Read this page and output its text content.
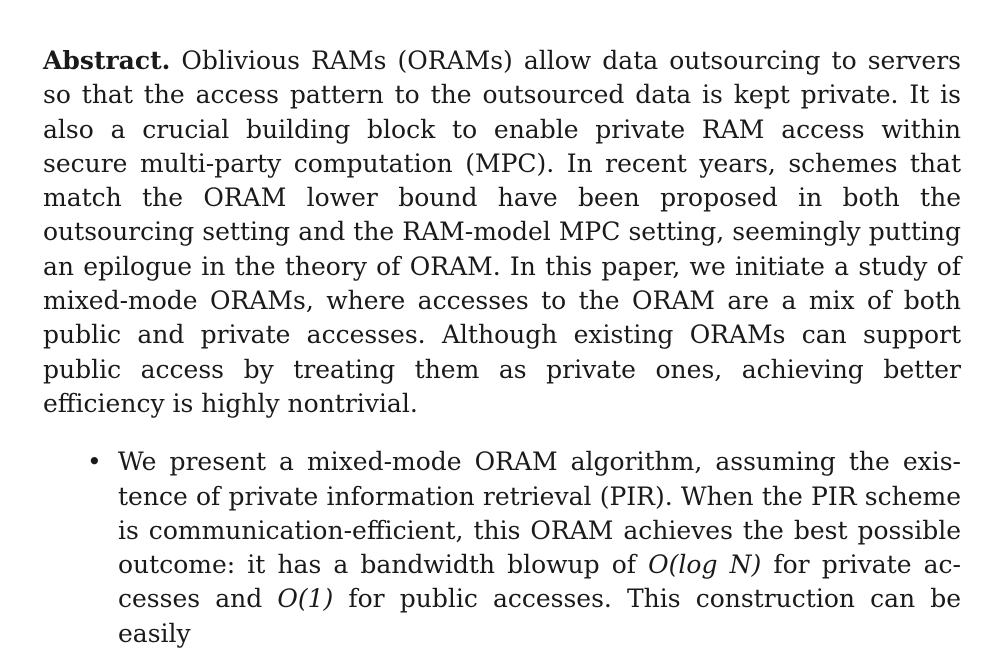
Abstract. Oblivious RAMs (ORAMs) allow data outsourcing to servers so that the access pattern to the outsourced data is kept private. It is also a crucial building block to enable private RAM access within secure multi-party computation (MPC). In recent years, schemes that match the ORAM lower bound have been proposed in both the outsourcing setting and the RAM-model MPC setting, seemingly putting an epilogue in the theory of ORAM. In this paper, we initiate a study of mixed-mode ORAMs, where accesses to the ORAM are a mix of both public and private accesses. Although existing ORAMs can support public access by treating them as private ones, achieving better efficiency is highly nontrivial.

• We present a mixed-mode ORAM algorithm, assuming the existence of private information retrieval (PIR). When the PIR scheme is communication-efficient, this ORAM achieves the best possible outcome: it has a bandwidth blowup of O(log N) for private accesses and O(1) for public accesses. This construction can be easily
